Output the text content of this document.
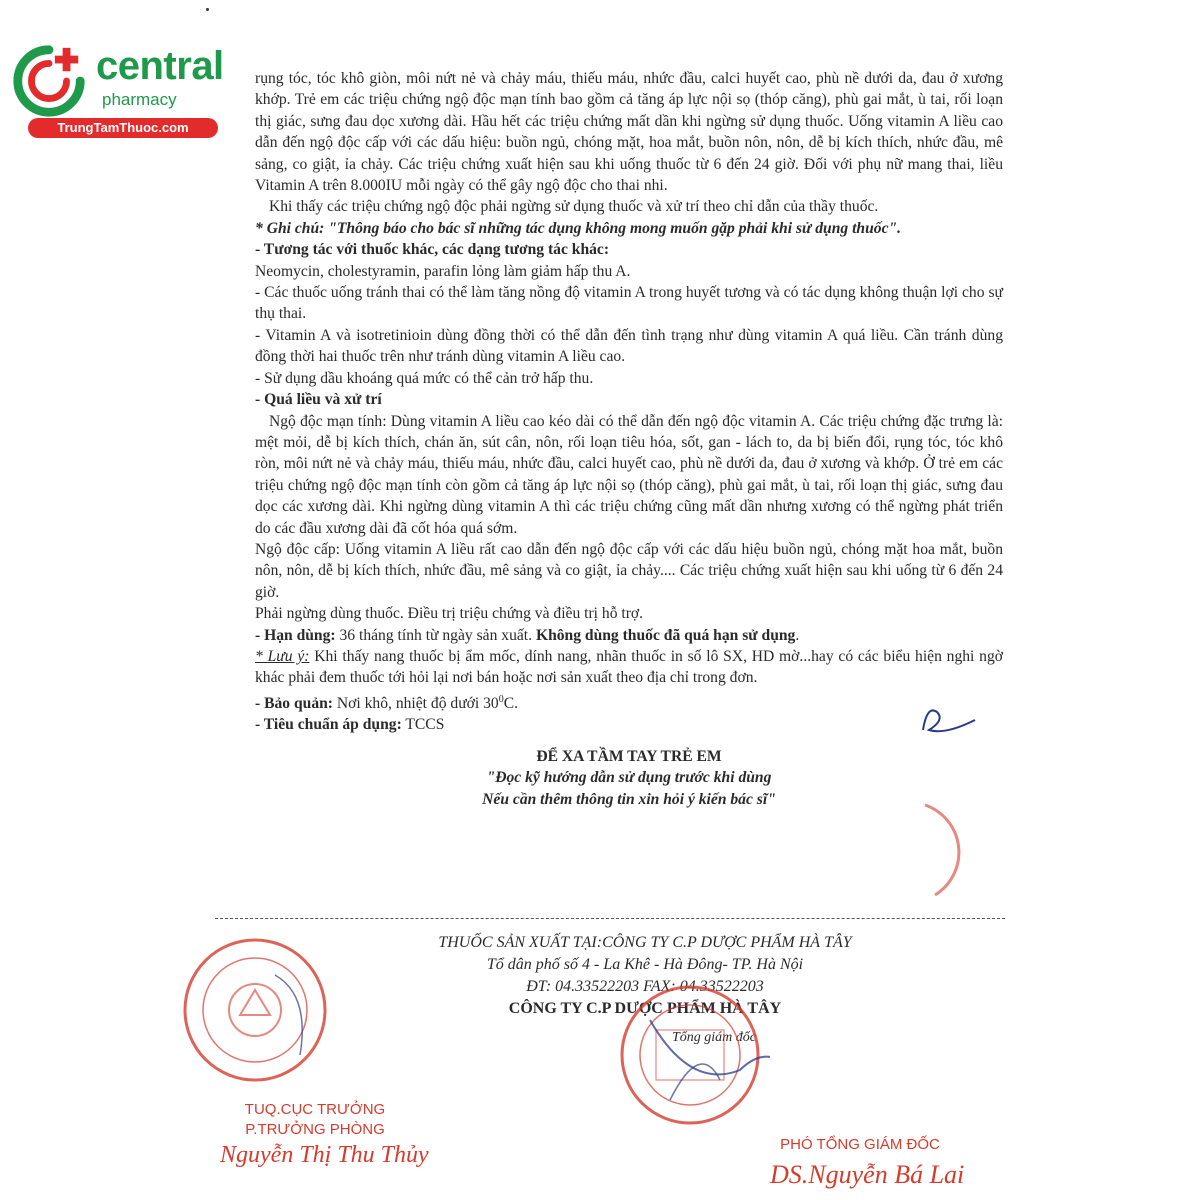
central
pharmacy
TrungTamThuoc.com

rụng tóc, tóc khô giòn, môi nứt nẻ và chảy máu, thiếu máu, nhức đầu, calci huyết cao, phù nề dưới da, đau ở xương khớp. Trẻ em các triệu chứng ngộ độc mạn tính bao gồm cả tăng áp lực nội sọ (thóp căng), phù gai mắt, ù tai, rối loạn thị giác, sưng đau dọc xương dài. Hầu hết các triệu chứng mất dần khi ngừng sử dụng thuốc. Uống vitamin A liều cao dẫn đến ngộ độc cấp với các dấu hiệu: buồn ngủ, chóng mặt, hoa mắt, buồn nôn, nôn, dễ bị kích thích, nhức đầu, mê sảng, co giật, ỉa chảy. Các triệu chứng xuất hiện sau khi uống thuốc từ 6 đến 24 giờ. Đối với phụ nữ mang thai, liều Vitamin A trên 8.000IU mỗi ngày có thể gây ngộ độc cho thai nhi.

Khi thấy các triệu chứng ngộ độc phải ngừng sử dụng thuốc và xử trí theo chỉ dẫn của thầy thuốc.

* Ghi chú: "Thông báo cho bác sĩ những tác dụng không mong muốn gặp phải khi sử dụng thuốc".

- Tương tác với thuốc khác, các dạng tương tác khác:

Neomycin, cholestyramin, parafin lỏng làm giảm hấp thu A.

- Các thuốc uống tránh thai có thể làm tăng nồng độ vitamin A trong huyết tương và có tác dụng không thuận lợi cho sự thụ thai.

- Vitamin A và isotretinioin dùng đồng thời có thể dẫn đến tình trạng như dùng vitamin A quá liều. Cần tránh dùng đồng thời hai thuốc trên như tránh dùng vitamin A liều cao.

- Sử dụng dầu khoáng quá mức có thể cản trở hấp thu.

- Quá liều và xử trí

Ngộ độc mạn tính: Dùng vitamin A liều cao kéo dài có thể dẫn đến ngộ độc vitamin A. Các triệu chứng đặc trưng là: mệt mỏi, dễ bị kích thích, chán ăn, sút cân, nôn, rối loạn tiêu hóa, sốt, gan - lách to, da bị biến đổi, rụng tóc, tóc khô ròn, môi nứt nẻ và chảy máu, thiếu máu, nhức đầu, calci huyết cao, phù nề dưới da, đau ở xương và khớp. Ở trẻ em các triệu chứng ngộ độc mạn tính còn gồm cả tăng áp lực nội sọ (thóp căng), phù gai mắt, ù tai, rối loạn thị giác, sưng đau dọc các xương dài. Khi ngừng dùng vitamin A thì các triệu chứng cũng mất dần nhưng xương có thể ngừng phát triển do các đầu xương dài đã cốt hóa quá sớm.

Ngộ độc cấp: Uống vitamin A liều rất cao dẫn đến ngộ độc cấp với các dấu hiệu buồn ngủ, chóng mặt hoa mắt, buồn nôn, nôn, dễ bị kích thích, nhức đầu, mê sảng và co giật, ỉa chảy.... Các triệu chứng xuất hiện sau khi uống từ 6 đến 24 giờ.

Phải ngừng dùng thuốc. Điều trị triệu chứng và điều trị hỗ trợ.

- Hạn dùng: 36 tháng tính từ ngày sản xuất. Không dùng thuốc đã quá hạn sử dụng.

* Lưu ý: Khi thấy nang thuốc bị ẩm mốc, dính nang, nhãn thuốc in số lô SX, HD mờ...hay có các biểu hiện nghi ngờ khác phải đem thuốc tới hỏi lại nơi bán hoặc nơi sản xuất theo địa chỉ trong đơn.

- Bảo quản: Nơi khô, nhiệt độ dưới $30^0C$.

- Tiêu chuẩn áp dụng: TCCS

ĐỂ XA TẦM TAY TRẺ EM

"Đọc kỹ hướng dẫn sử dụng trước khi dùng

Nếu cần thêm thông tin xin hỏi ý kiến bác sĩ"

THUỐC SẢN XUẤT TẠI:CÔNG TY C.P DƯỢC PHẨM HÀ TÂY
Tổ dân phố số 4 - La Khê - Hà Đông- TP. Hà Nội
ĐT: 04.33522203 FAX: 04.33522203
CÔNG TY C.P DƯỢC PHẨM HÀ TÂY
Tổng giám đốc
TUQ.CỤC TRƯỞNG
P.TRƯỞNG PHÒNG
Nguyễn Thị Thu Thủy	PHÓ TỔNG GIÁM ĐỐC
DS.Nguyễn Bá Lai
